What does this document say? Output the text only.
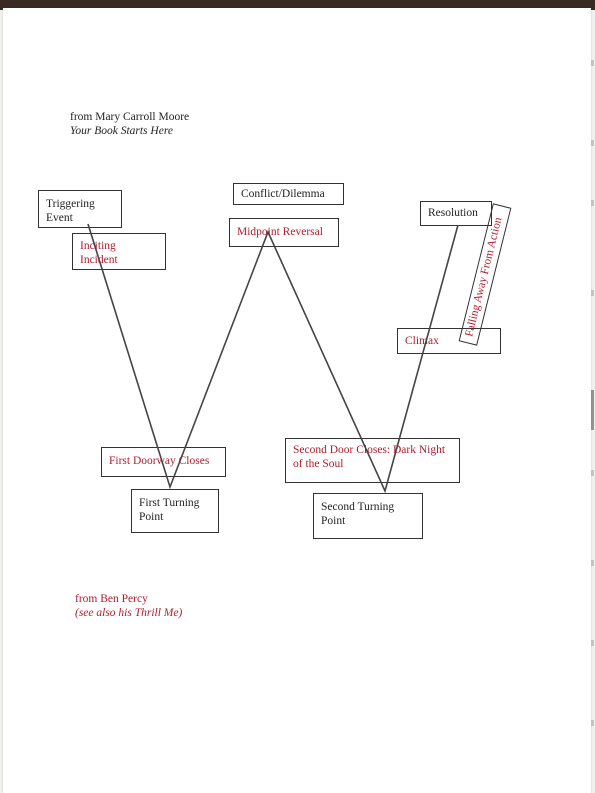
from Mary Carroll Moore
Your Book Starts Here
Triggering Event
Conflict/Dilemma
Resolution
First Turning Point
Second Turning Point
Inciting Incident
Midpoint Reversal
Climax
First Doorway Closes
Second Door Closes: Dark Night of the Soul
Falling Away From Action
from Ben Percy
(see also his Thrill Me)
